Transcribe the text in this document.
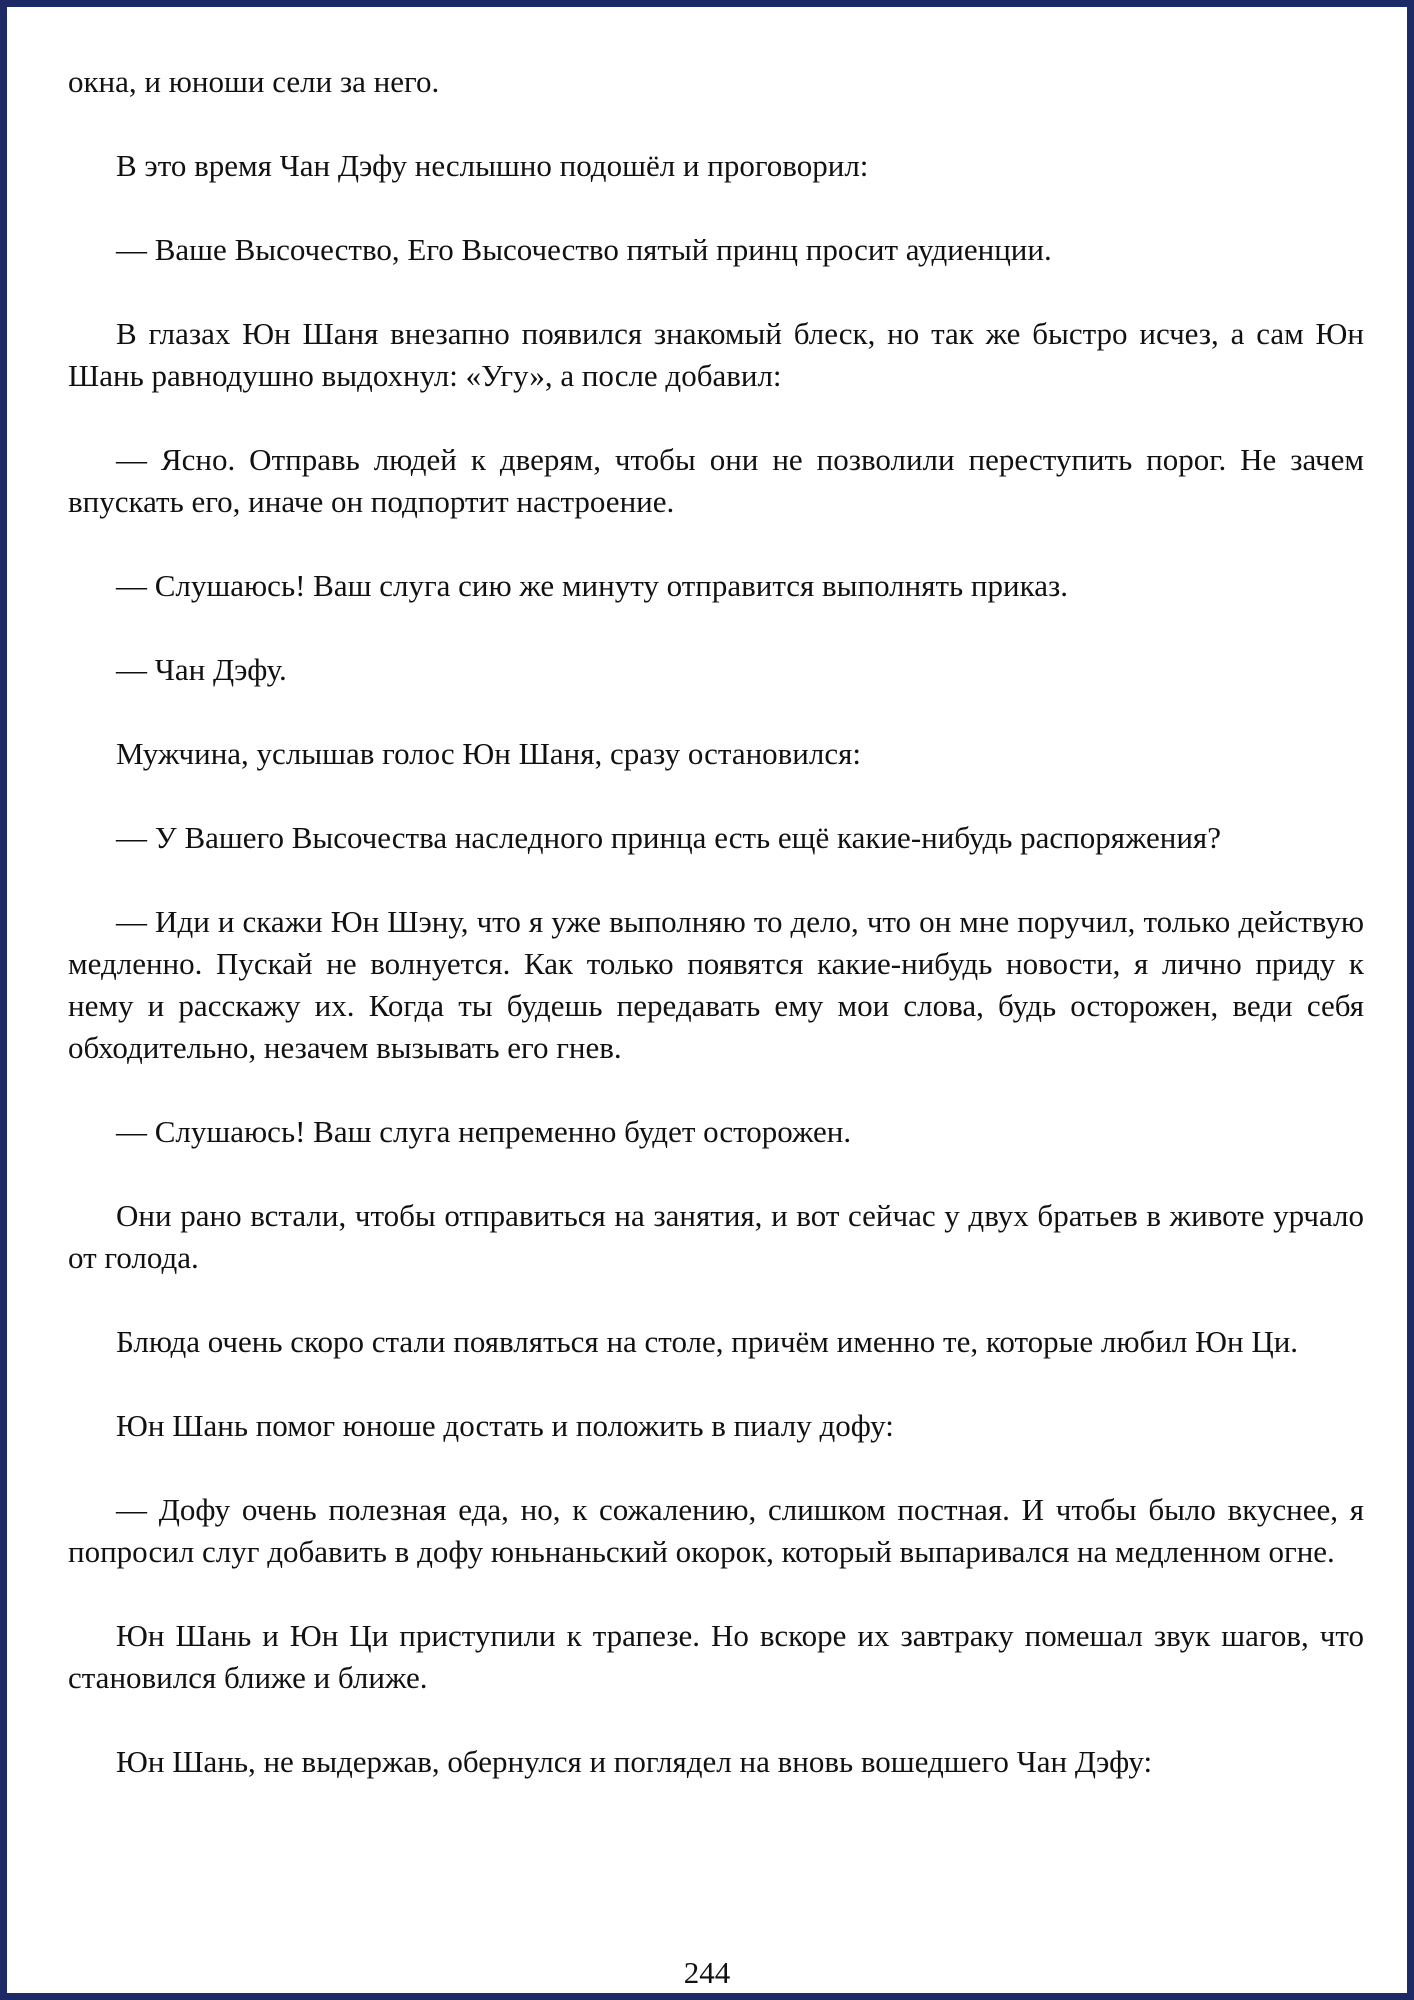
окна, и юноши сели за него.

В это время Чан Дэфу неслышно подошёл и проговорил:

— Ваше Высочество, Его Высочество пятый принц просит аудиенции.

В глазах Юн Шаня внезапно появился знакомый блеск, но так же быстро исчез, а сам Юн Шань равнодушно выдохнул: «Угу», а после добавил:

— Ясно. Отправь людей к дверям, чтобы они не позволили переступить порог. Не зачем впускать его, иначе он подпортит настроение.

— Слушаюсь! Ваш слуга сию же минуту отправится выполнять приказ.

— Чан Дэфу.

Мужчина, услышав голос Юн Шаня, сразу остановился:

— У Вашего Высочества наследного принца есть ещё какие-нибудь распоряжения?

— Иди и скажи Юн Шэну, что я уже выполняю то дело, что он мне поручил, только действую медленно. Пускай не волнуется. Как только появятся какие-нибудь новости, я лично приду к нему и расскажу их. Когда ты будешь передавать ему мои слова, будь осторожен, веди себя обходительно, незачем вызывать его гнев.

— Слушаюсь! Ваш слуга непременно будет осторожен.

Они рано встали, чтобы отправиться на занятия, и вот сейчас у двух братьев в животе урчало от голода.

Блюда очень скоро стали появляться на столе, причём именно те, которые любил Юн Ци.

Юн Шань помог юноше достать и положить в пиалу дофу:

— Дофу очень полезная еда, но, к сожалению, слишком постная. И чтобы было вкуснее, я попросил слуг добавить в дофу юньнаньский окорок, который выпаривался на медленном огне.

Юн Шань и Юн Ци приступили к трапезе. Но вскоре их завтраку помешал звук шагов, что становился ближе и ближе.

Юн Шань, не выдержав, обернулся и поглядел на вновь вошедшего Чан Дэфу:

244
